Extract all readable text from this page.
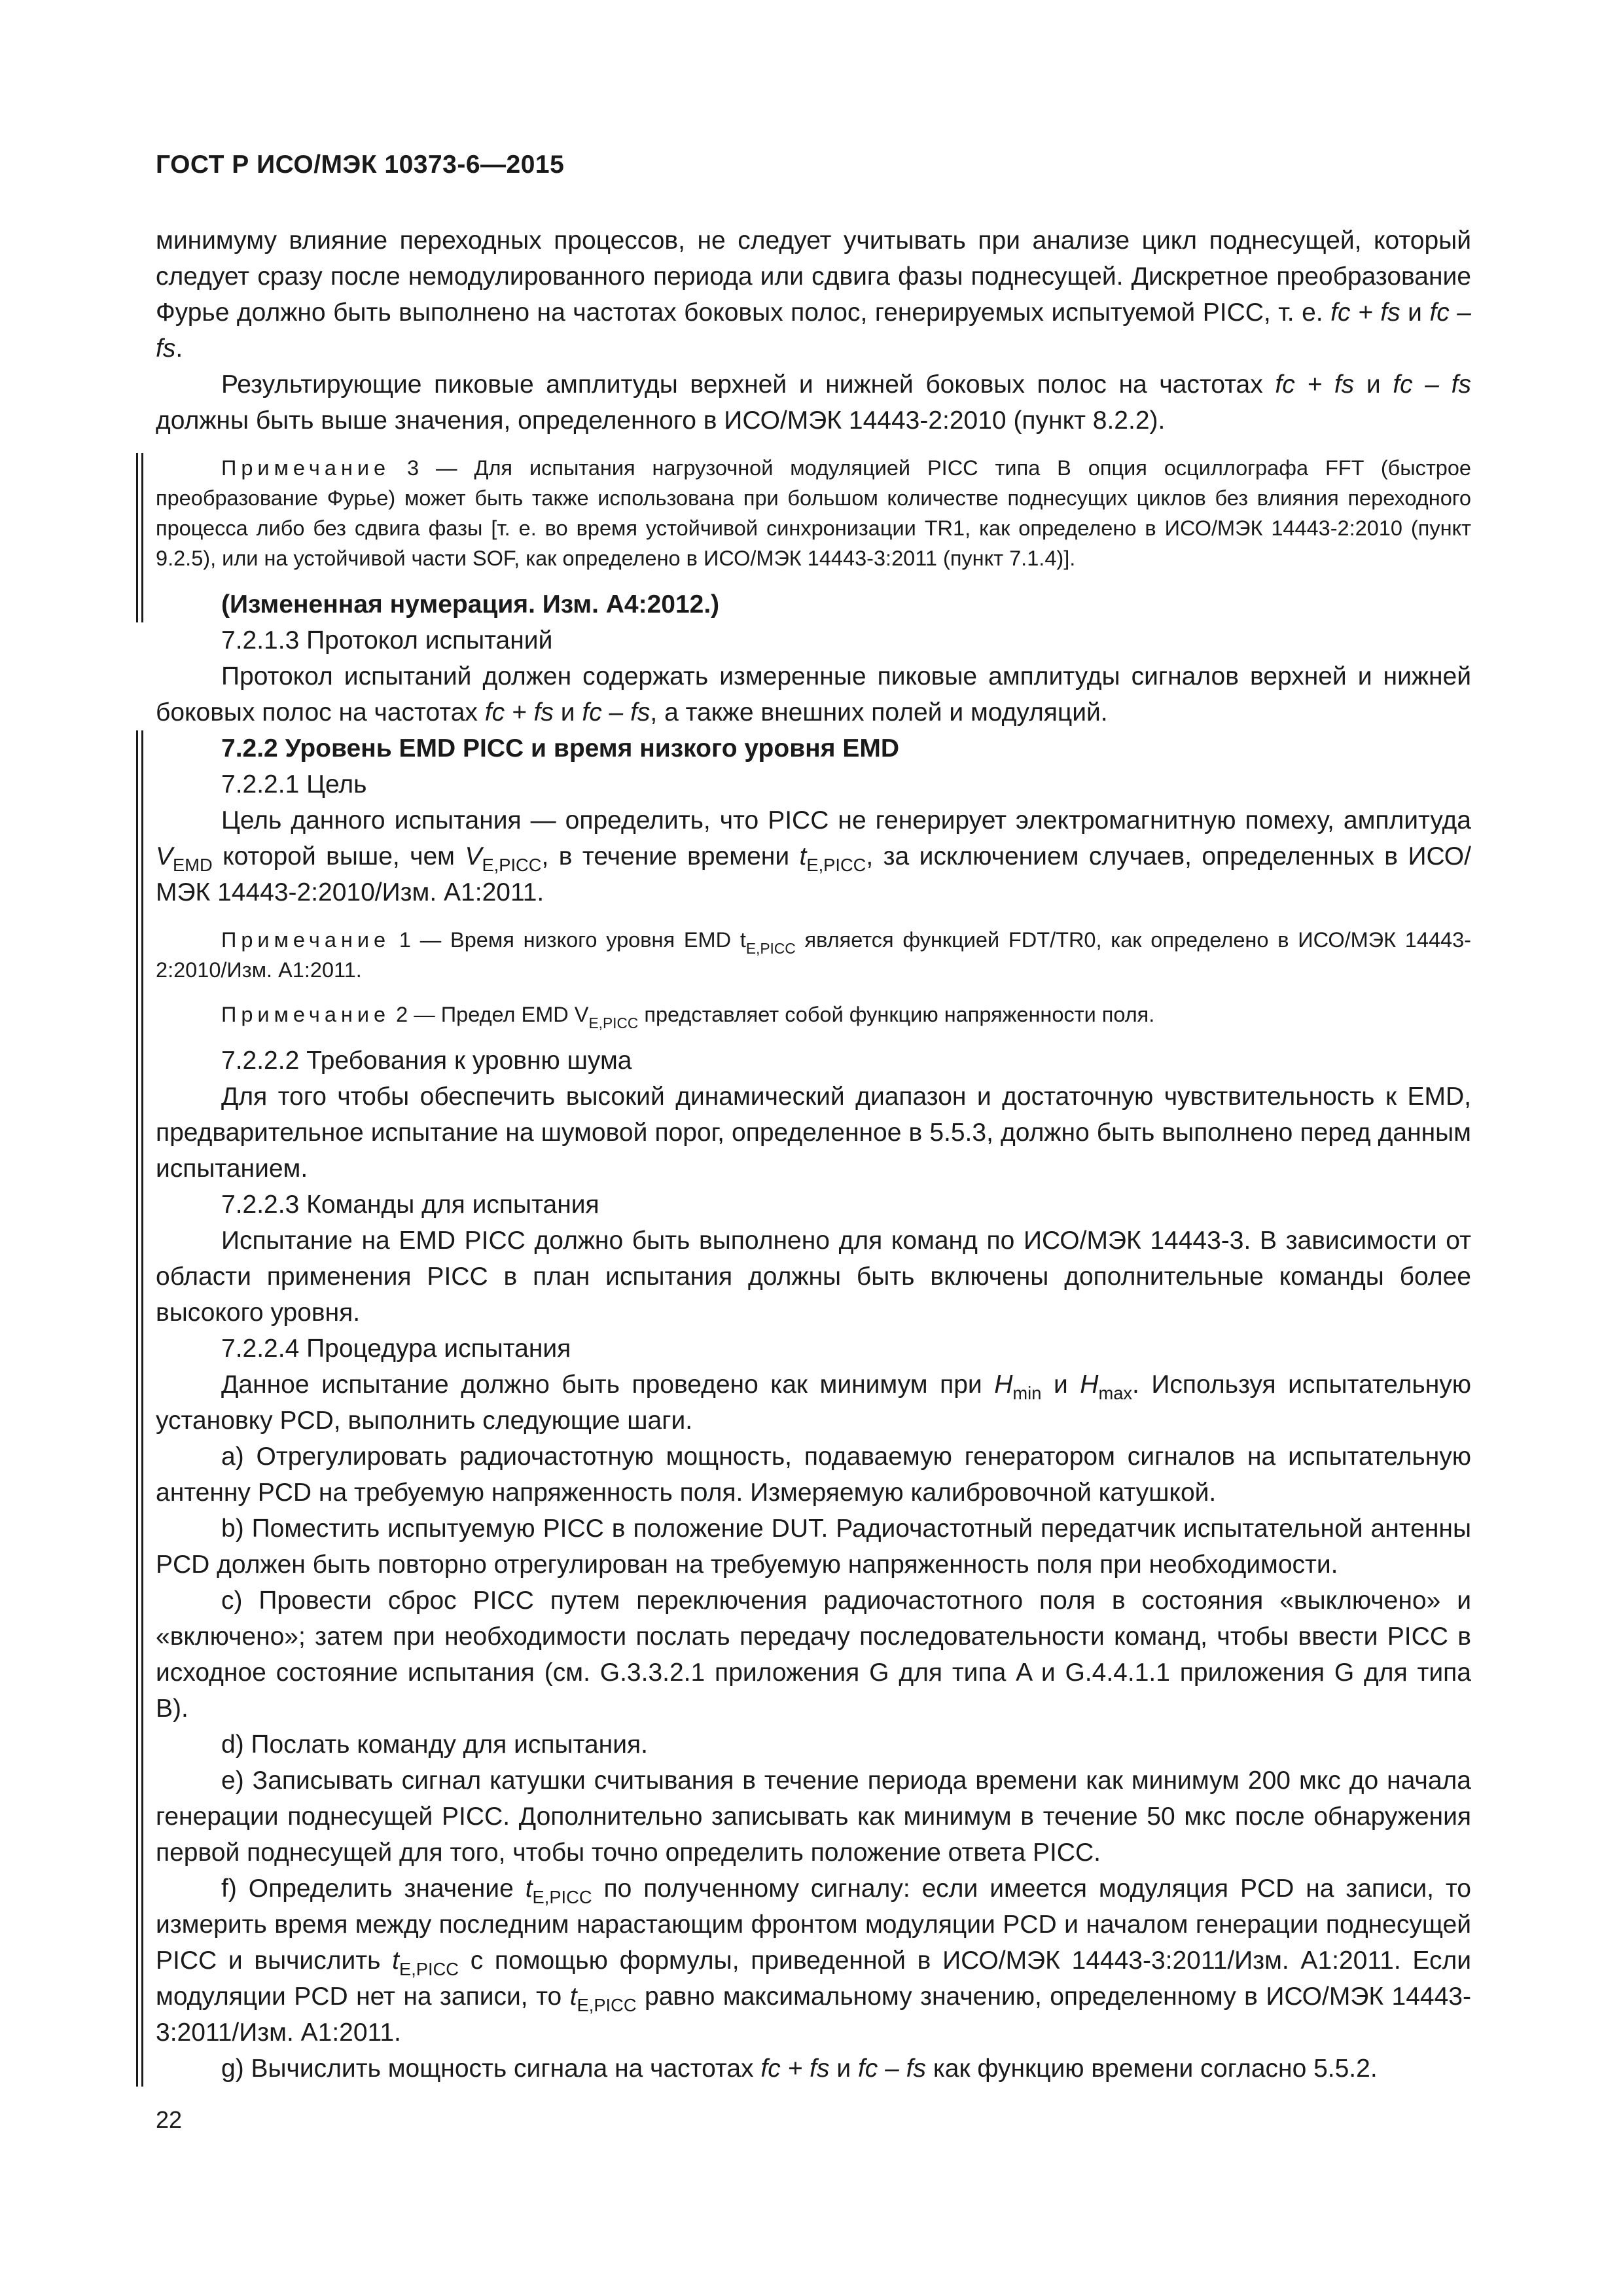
ГОСТ Р ИСО/МЭК 10373-6—2015

минимуму влияние переходных процессов, не следует учитывать при анализе цикл поднесущей, который следует сразу после немодулированного периода или сдвига фазы поднесущей. Дискретное преобразование Фурье должно быть выполнено на частотах боковых полос, генерируемых испытуемой PICC, т. е. fc + fs и fc – fs.

Результирующие пиковые амплитуды верхней и нижней боковых полос на частотах fc + fs и fc – fs должны быть выше значения, определенного в ИСО/МЭК 14443-2:2010 (пункт 8.2.2).

Примечание 3 — Для испытания нагрузочной модуляцией PICC типа B опция осциллографа FFT (быстрое преобразование Фурье) может быть также использована при большом количестве поднесущих циклов без влияния переходного процесса либо без сдвига фазы [т. е. во время устойчивой синхронизации TR1, как определено в ИСО/МЭК 14443-2:2010 (пункт 9.2.5), или на устойчивой части SOF, как определено в ИСО/МЭК 14443-3:2011 (пункт 7.1.4)].

(Измененная нумерация. Изм. А4:2012.)

7.2.1.3 Протокол испытаний

Протокол испытаний должен содержать измеренные пиковые амплитуды сигналов верхней и нижней боковых полос на частотах fc + fs и fc – fs, а также внешних полей и модуляций.

7.2.2 Уровень EMD PICC и время низкого уровня EMD

7.2.2.1 Цель

Цель данного испытания — определить, что PICC не генерирует электромагнитную помеху, амплитуда $V_{EMD}$ которой выше, чем $V_{E,PICC}$, в течение времени $t_{E,PICC}$, за исключением случаев, определенных в ИСО/МЭК 14443-2:2010/Изм. А1:2011.

Примечание 1 — Время низкого уровня EMD $t_{E,PICC}$ является функцией FDT/TR0, как определено в ИСО/МЭК 14443-2:2010/Изм. А1:2011.

Примечание 2 — Предел EMD $V_{E,PICC}$ представляет собой функцию напряженности поля.

7.2.2.2 Требования к уровню шума

Для того чтобы обеспечить высокий динамический диапазон и достаточную чувствительность к EMD, предварительное испытание на шумовой порог, определенное в 5.5.3, должно быть выполнено перед данным испытанием.

7.2.2.3 Команды для испытания

Испытание на EMD PICC должно быть выполнено для команд по ИСО/МЭК 14443-3. В зависимости от области применения PICC в план испытания должны быть включены дополнительные команды более высокого уровня.

7.2.2.4 Процедура испытания

Данное испытание должно быть проведено как минимум при $H_{min}$ и $H_{max}$. Используя испытательную установку PCD, выполнить следующие шаги.

a) Отрегулировать радиочастотную мощность, подаваемую генератором сигналов на испытательную антенну PCD на требуемую напряженность поля. Измеряемую калибровочной катушкой.

b) Поместить испытуемую PICC в положение DUT. Радиочастотный передатчик испытательной антенны PCD должен быть повторно отрегулирован на требуемую напряженность поля при необходимости.

c) Провести сброс PICC путем переключения радиочастотного поля в состояния «выключено» и «включено»; затем при необходимости послать передачу последовательности команд, чтобы ввести PICC в исходное состояние испытания (см. G.3.3.2.1 приложения G для типа A и G.4.4.1.1 приложения G для типа B).

d) Послать команду для испытания.

e) Записывать сигнал катушки считывания в течение периода времени как минимум 200 мкс до начала генерации поднесущей PICC. Дополнительно записывать как минимум в течение 50 мкс после обнаружения первой поднесущей для того, чтобы точно определить положение ответа PICC.

f) Определить значение $t_{E,PICC}$ по полученному сигналу: если имеется модуляция PCD на записи, то измерить время между последним нарастающим фронтом модуляции PCD и началом генерации поднесущей PICC и вычислить $t_{E,PICC}$ с помощью формулы, приведенной в ИСО/МЭК 14443-3:2011/Изм. А1:2011. Если модуляции PCD нет на записи, то $t_{E,PICC}$ равно максимальному значению, определенному в ИСО/МЭК 14443-3:2011/Изм. А1:2011.

g) Вычислить мощность сигнала на частотах fc + fs и fc – fs как функцию времени согласно 5.5.2.

22
